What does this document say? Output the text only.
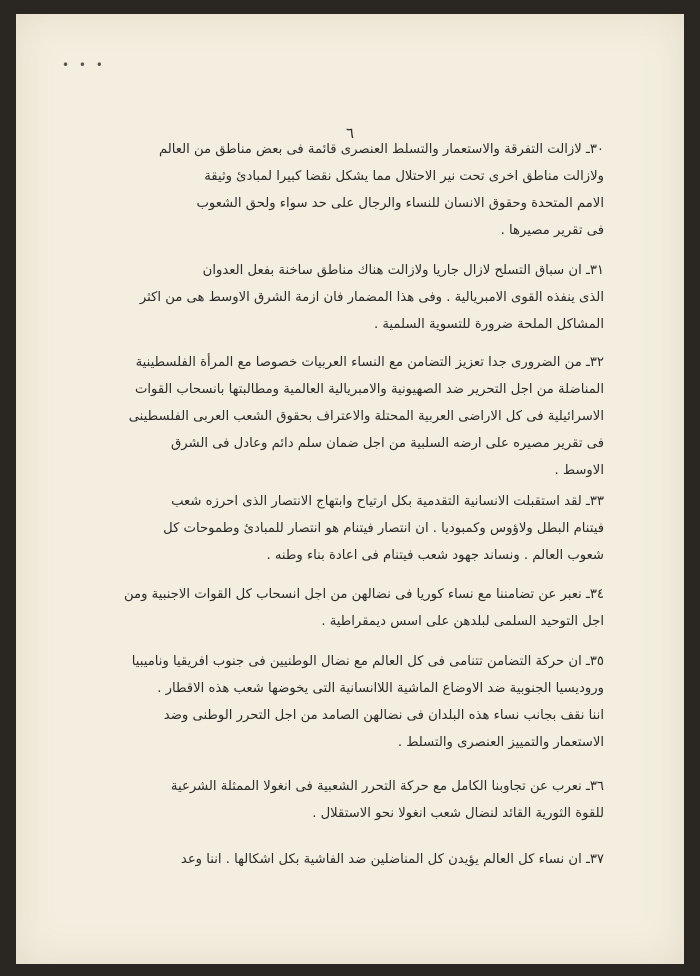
• • •
٦

٣٠ـ لازالت التفرقة والاستعمار والتسلط العنصرى قائمة فى بعض مناطق من العالم
ولازالت مناطق اخرى تحت نير الاحتلال مما يشكل نقضا كبيرا لمبادئ وثيقة
الامم المتحدة وحقوق الانسان للنساء والرجال على حد سواء ولحق الشعوب
فى تقرير مصيرها .

٣١ـ ان سباق التسلح لازال جاريا ولازالت هناك مناطق ساخنة بفعل العدوان
الذى ينفذه القوى الامبريالية . وفى هذا المضمار فان ازمة الشرق الاوسط هى من اكثر
المشاكل الملحة ضرورة للتسوية السلمية .

٣٢ـ من الضرورى جدا تعزيز التضامن مع النساء العربيات خصوصا مع المرأة الفلسطينية
المناضلة من اجل التحرير ضد الصهيونية والامبريالية العالمية ومطالبتها بانسحاب القوات
الاسرائيلية فى كل الاراضى العربية المحتلة والاعتراف بحقوق الشعب العربى الفلسطينى
فى تقرير مصيره على ارضه السلبية من اجل ضمان سلم دائم وعادل فى الشرق
الاوسط .

٣٣ـ لقد استقبلت الانسانية التقدمية بكل ارتياح وابتهاج الانتصار الذى احرزه شعب
فيتنام البطل ولاؤوس وكمبوديا . ان انتصار فيتنام هو انتصار للمبادئ وطموحات كل
شعوب العالم . ونساند جهود شعب فيتنام فى اعادة بناء وطنه .

٣٤ـ نعبر عن تضامننا مع نساء كوريا فى نضالهن من اجل انسحاب كل القوات الاجنبية ومن
اجل التوحيد السلمى لبلدهن على اسس ديمقراطية .

٣٥ـ ان حركة التضامن تتنامى فى كل العالم مع نضال الوطنيين فى جنوب افريقيا وناميبيا
وروديسيا الجنوبية ضد الاوضاع الماشية اللاانسانية التى يخوضها شعب هذه الاقطار .
اننا نقف بجانب نساء هذه البلدان فى نضالهن الصامد من اجل التحرر الوطنى وضد
الاستعمار والتمييز العنصرى والتسلط .

٣٦ـ نعرب عن تجاوبنا الكامل مع حركة التحرر الشعبية فى انغولا الممثلة الشرعية
للقوة الثورية القائد لنضال شعب انغولا نحو الاستقلال .

٣٧ـ ان نساء كل العالم يؤيدن كل المناضلين ضد الفاشية بكل اشكالها . اننا وعد
